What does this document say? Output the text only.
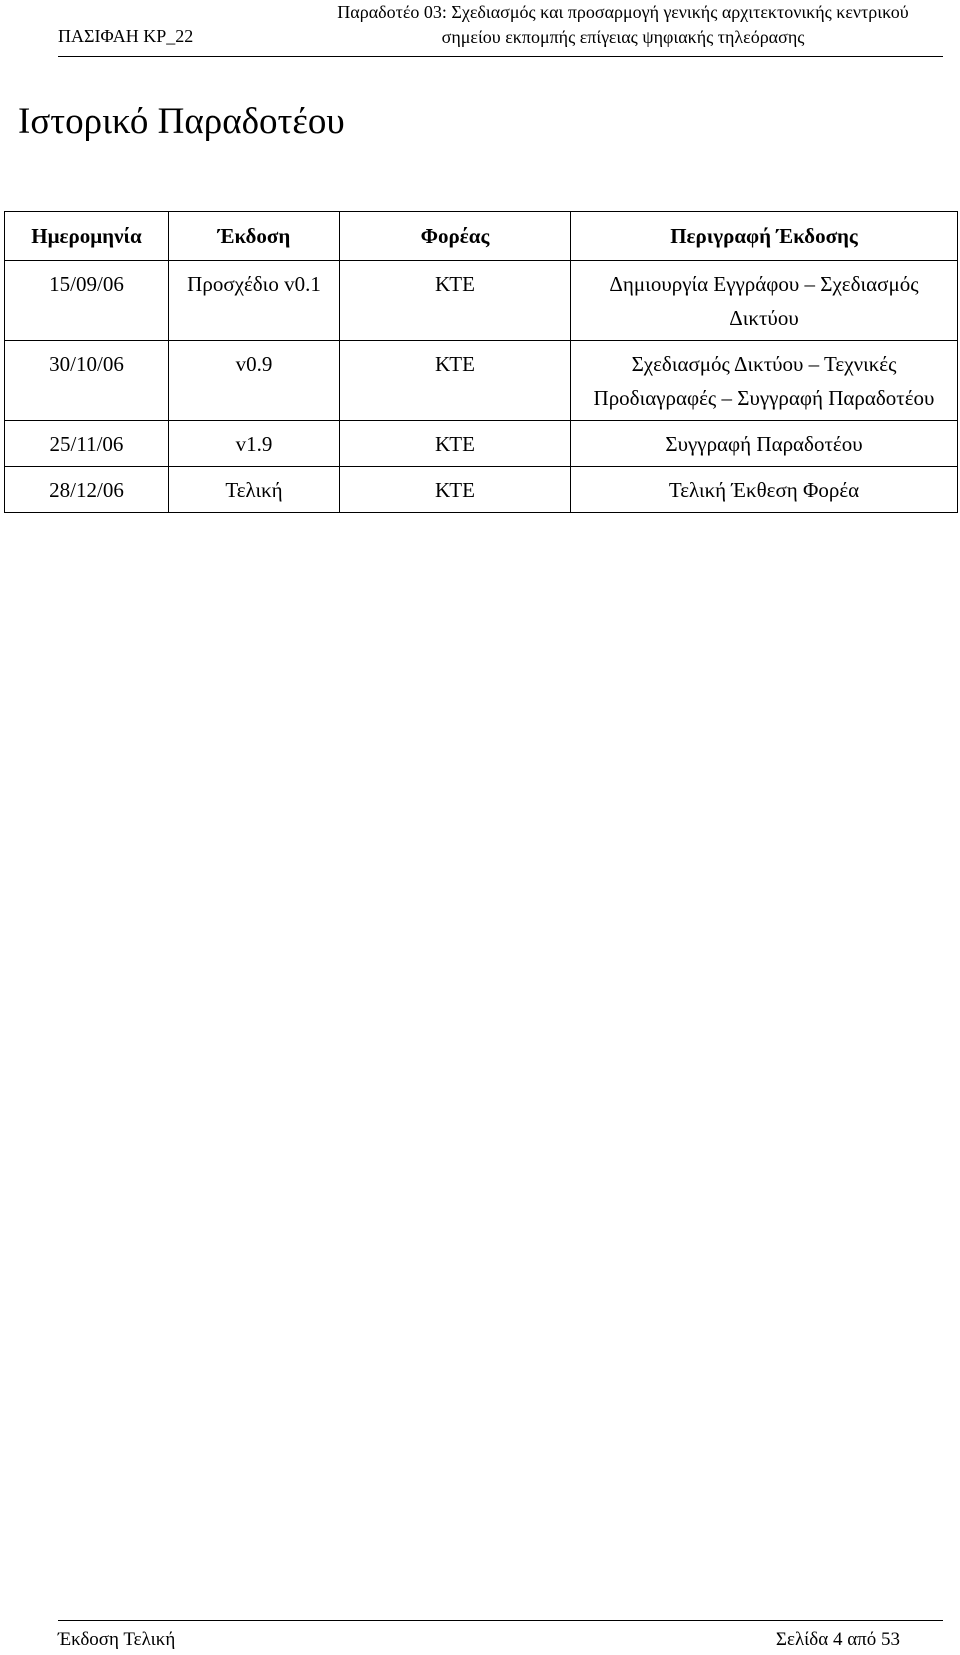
ΠΑΣΙΦΑΗ ΚΡ_22
Παραδοτέο 03: Σχεδιασμός και προσαρμογή γενικής αρχιτεκτονικής κεντρικού
σημείου εκπομπής επίγειας ψηφιακής τηλεόρασης
Ιστορικό Παραδοτέου
Ημερομηνία	Έκδοση	Φορέας	Περιγραφή Έκδοσης
15/09/06	Προσχέδιο v0.1	ΚΤΕ	Δημιουργία Εγγράφου – Σχεδιασμός Δικτύου
30/10/06	v0.9	ΚΤΕ	Σχεδιασμός Δικτύου – Τεχνικές Προδιαγραφές – Συγγραφή Παραδοτέου
25/11/06	v1.9	ΚΤΕ	Συγγραφή Παραδοτέου
28/12/06	Τελική	ΚΤΕ	Τελική Έκθεση Φορέα
Έκδοση Τελική	Σελίδα 4 από 53
